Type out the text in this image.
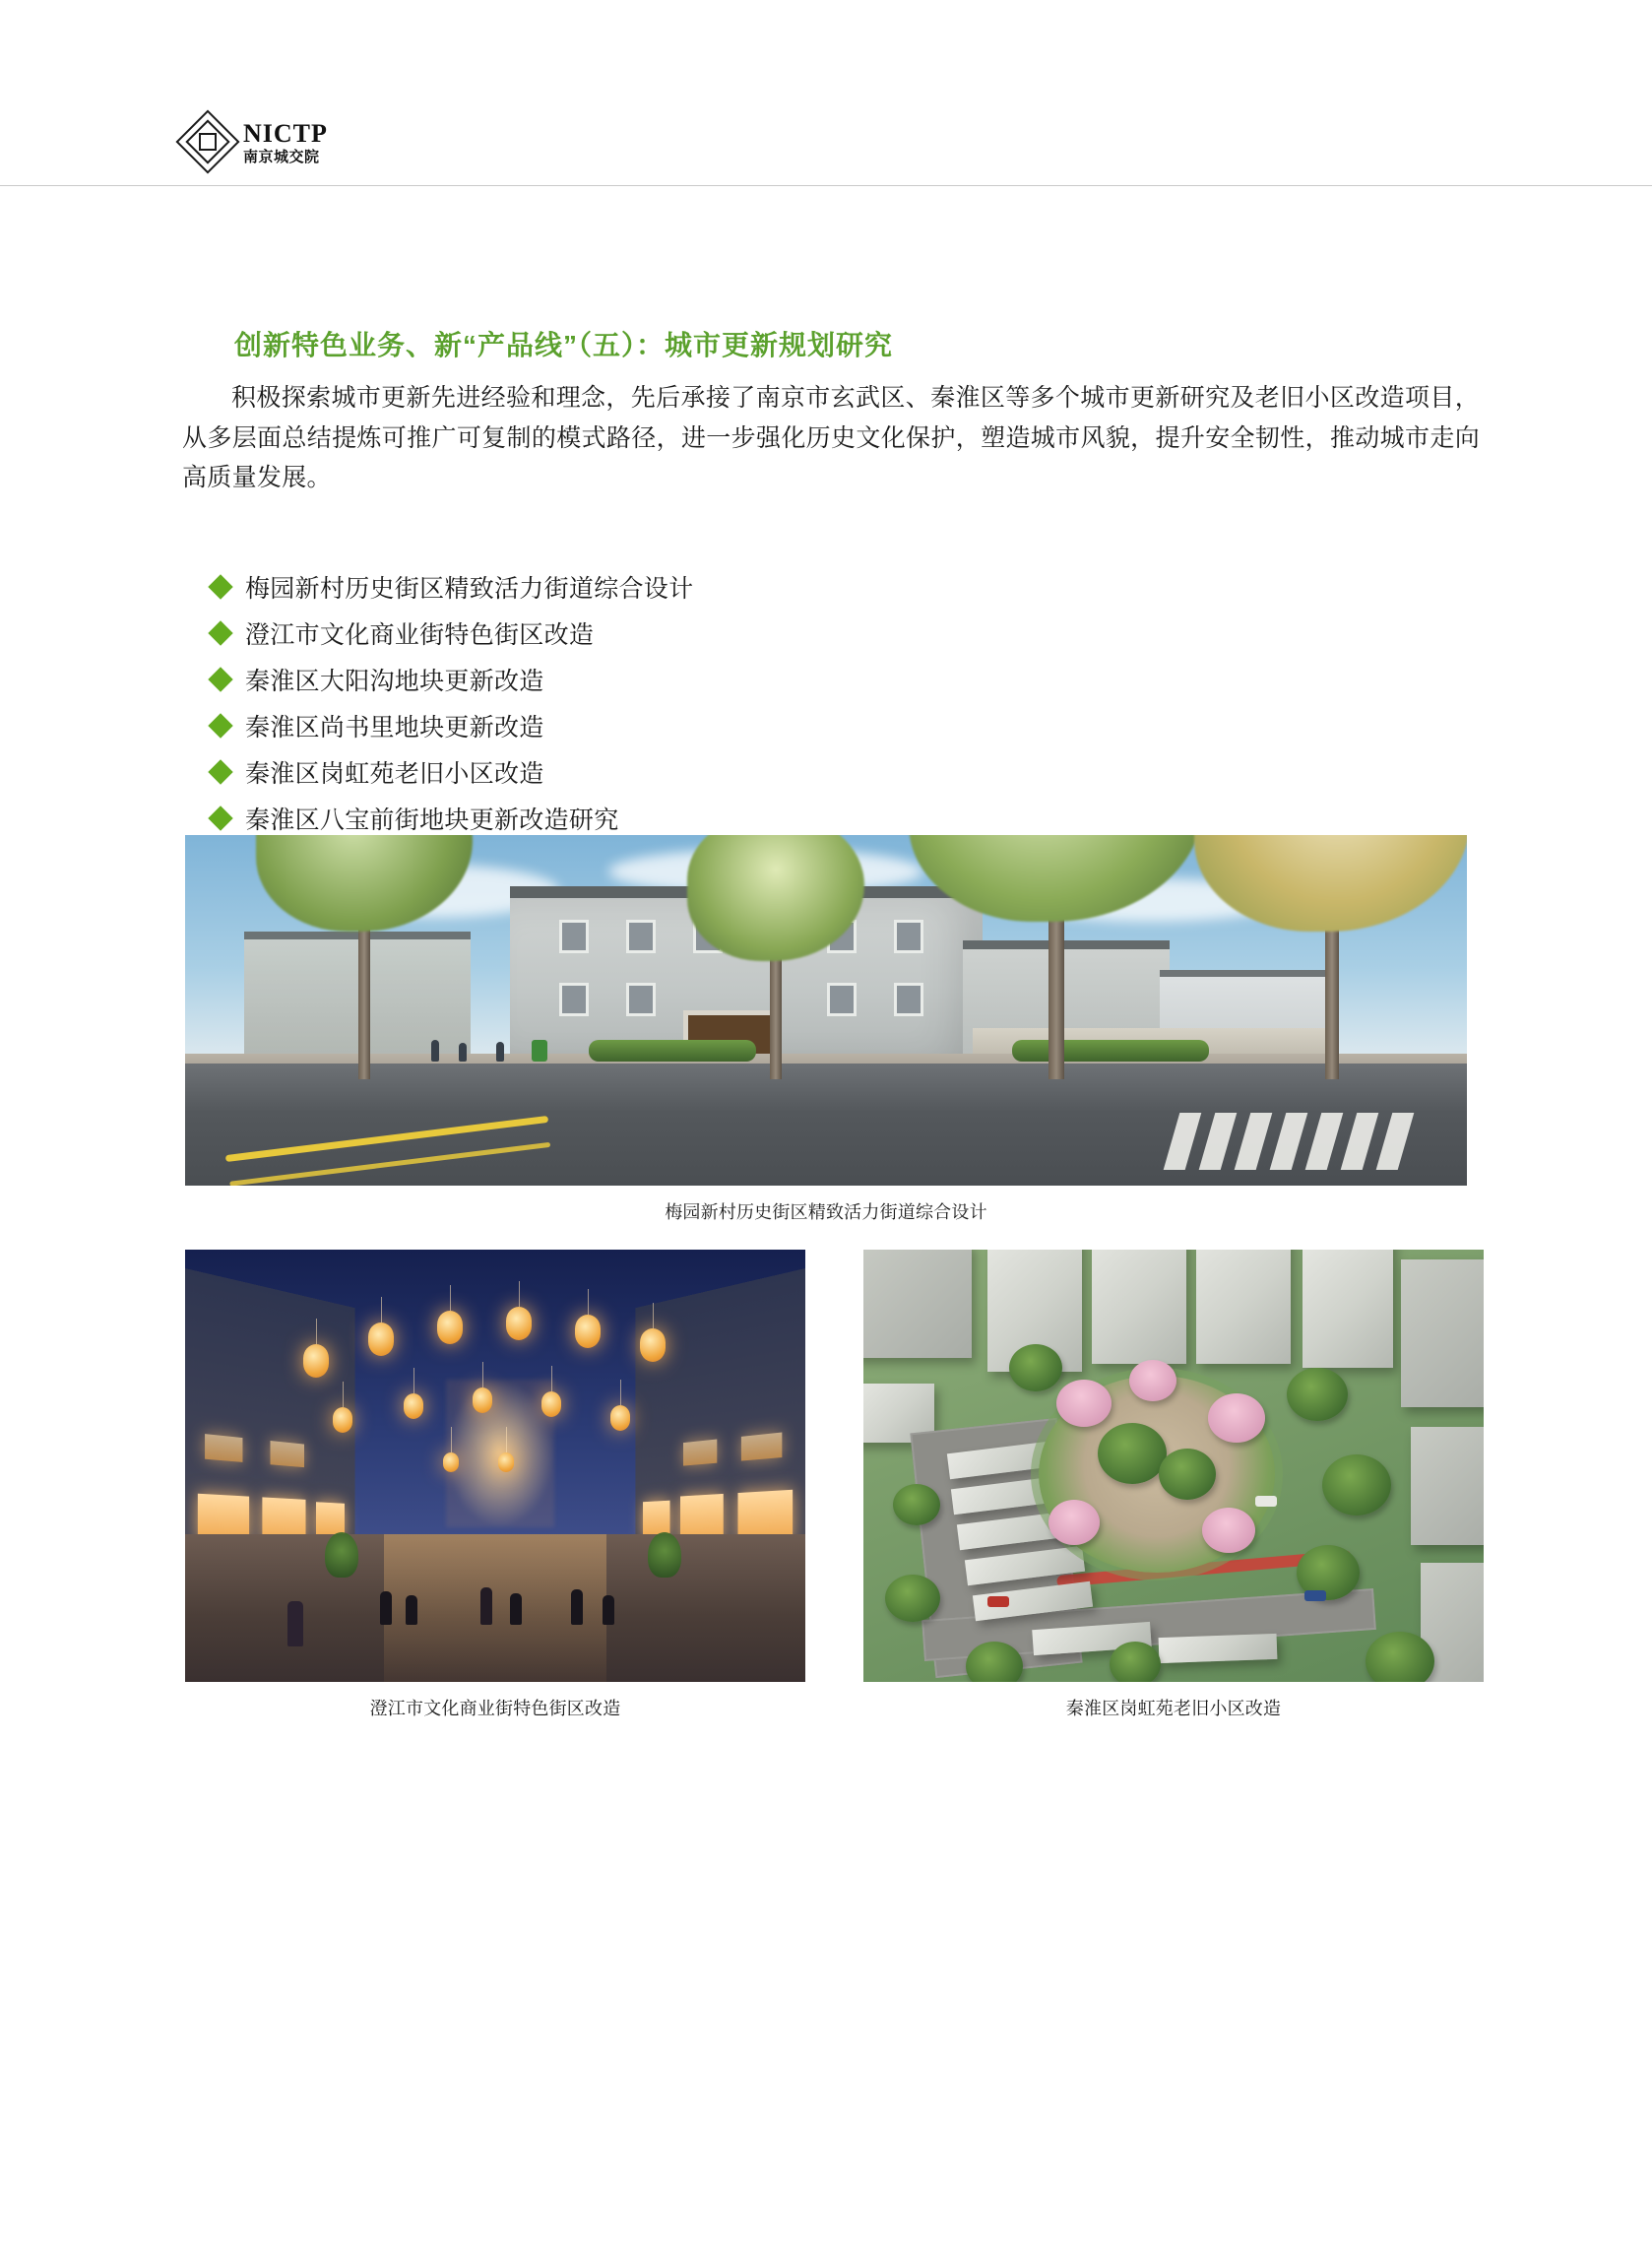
NICTP
南京城交院
创新特色业务、新“产品线”（五）：城市更新规划研究
积极探索城市更新先进经验和理念，先后承接了南京市玄武区、秦淮区等多个城市更新研究及老旧小区改造项目，从多层面总结提炼可推广可复制的模式路径，进一步强化历史文化保护，塑造城市风貌，提升安全韧性，推动城市走向高质量发展。
梅园新村历史街区精致活力街道综合设计
澄江市文化商业街特色街区改造
秦淮区大阳沟地块更新改造
秦淮区尚书里地块更新改造
秦淮区岗虹苑老旧小区改造
秦淮区八宝前街地块更新改造研究
梅园新村历史街区精致活力街道综合设计
澄江市文化商业街特色街区改造	秦淮区岗虹苑老旧小区改造
